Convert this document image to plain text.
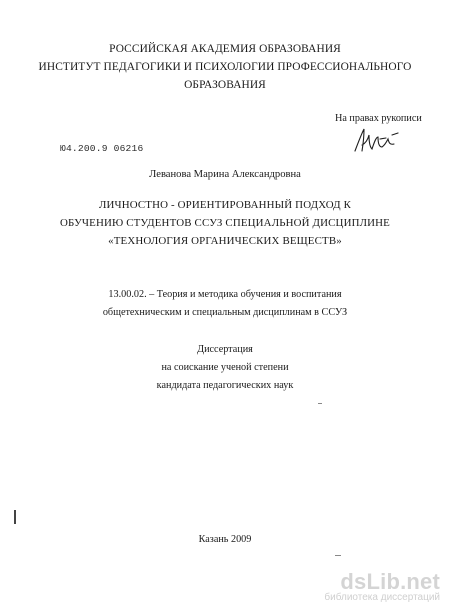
РОССИЙСКАЯ АКАДЕМИЯ ОБРАЗОВАНИЯ
ИНСТИТУТ ПЕДАГОГИКИ И ПСИХОЛОГИИ ПРОФЕССИОНАЛЬНОГО
ОБРАЗОВАНИЯ
На правах рукописи
Ю4.200.9 06216
Леванова Марина Александровна
ЛИЧНОСТНО - ОРИЕНТИРОВАННЫЙ ПОДХОД К
ОБУЧЕНИЮ СТУДЕНТОВ ССУЗ СПЕЦИАЛЬНОЙ ДИСЦИПЛИНЕ
«ТЕХНОЛОГИЯ ОРГАНИЧЕСКИХ ВЕЩЕСТВ»
13.00.02. – Теория и методика обучения и воспитания
общетехническим и специальным дисциплинам в ССУЗ
Диссертация
на соискание ученой степени
кандидата педагогических наук
Казань 2009
dsLib.net
библиотека диссертаций
